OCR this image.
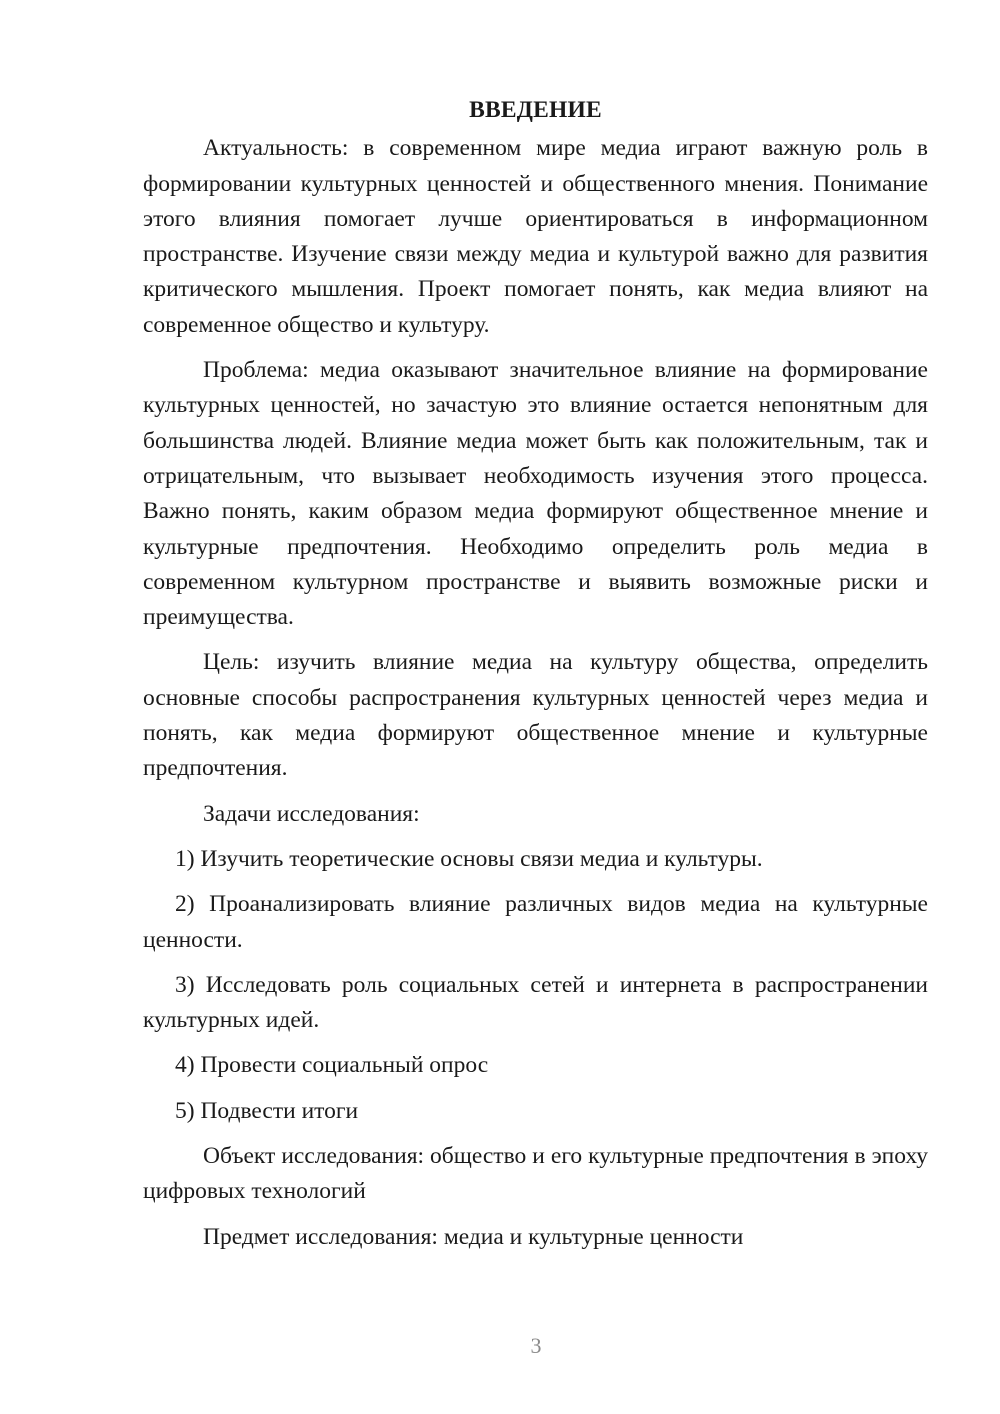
ВВЕДЕНИЕ

Актуальность: в современном мире медиа играют важную роль в формировании культурных ценностей и общественного мнения. Понимание этого влияния помогает лучше ориентироваться в информационном пространстве. Изучение связи между медиа и культурой важно для развития критического мышления. Проект помогает понять, как медиа влияют на современное общество и культуру.

Проблема: медиа оказывают значительное влияние на формирование культурных ценностей, но зачастую это влияние остается непонятным для большинства людей. Влияние медиа может быть как положительным, так и отрицательным, что вызывает необходимость изучения этого процесса. Важно понять, каким образом медиа формируют общественное мнение и культурные предпочтения. Необходимо определить роль медиа в современном культурном пространстве и выявить возможные риски и преимущества.

Цель: изучить влияние медиа на культуру общества, определить основные способы распространения культурных ценностей через медиа и понять, как медиа формируют общественное мнение и культурные предпочтения.

Задачи исследования:

1) Изучить теоретические основы связи медиа и культуры.

2) Проанализировать влияние различных видов медиа на культурные ценности.

3) Исследовать роль социальных сетей и интернета в распространении культурных идей.

4) Провести социальный опрос

5) Подвести итоги

Объект исследования: общество и его культурные предпочтения в эпоху цифровых технологий

Предмет исследования: медиа и культурные ценности

3
